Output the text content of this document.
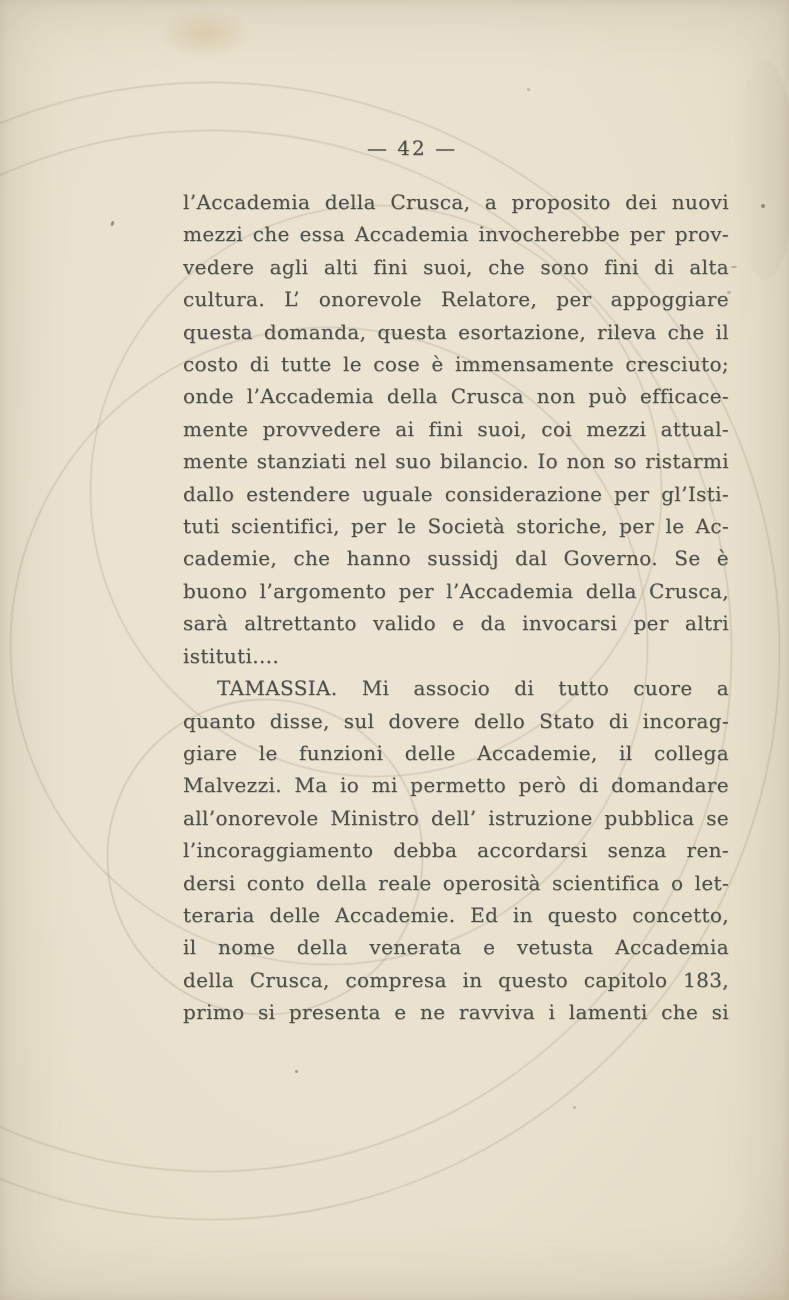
— 42 —
l’Accademia della Crusca, a proposito dei nuovi
mezzi che essa Accademia invocherebbe per prov-
vedere agli alti fini suoi, che sono fini di alta
cultura. L’ onorevole Relatore, per appoggiare
questa domanda, questa esortazione, rileva che il
costo di tutte le cose è immensamente cresciuto;
onde l’Accademia della Crusca non può efficace-
mente provvedere ai fini suoi, coi mezzi attual-
mente stanziati nel suo bilancio. Io non so ristarmi
dallo estendere uguale considerazione per gl’Isti-
tuti scientifici, per le Società storiche, per le Ac-
cademie, che hanno sussidj dal Governo. Se è
buono l’argomento per l’Accademia della Crusca,
sarà altrettanto valido e da invocarsi per altri
istituti....
TAMASSIA. Mi associo di tutto cuore a
quanto disse, sul dovere dello Stato di incorag-
giare le funzioni delle Accademie, il collega
Malvezzi. Ma io mi permetto però di domandare
all’onorevole Ministro dell’ istruzione pubblica se
l’incoraggiamento debba accordarsi senza ren-
dersi conto della reale operosità scientifica o let-
teraria delle Accademie. Ed in questo concetto,
il nome della venerata e vetusta Accademia
della Crusca, compresa in questo capitolo 183,
primo si presenta e ne ravviva i lamenti che si
